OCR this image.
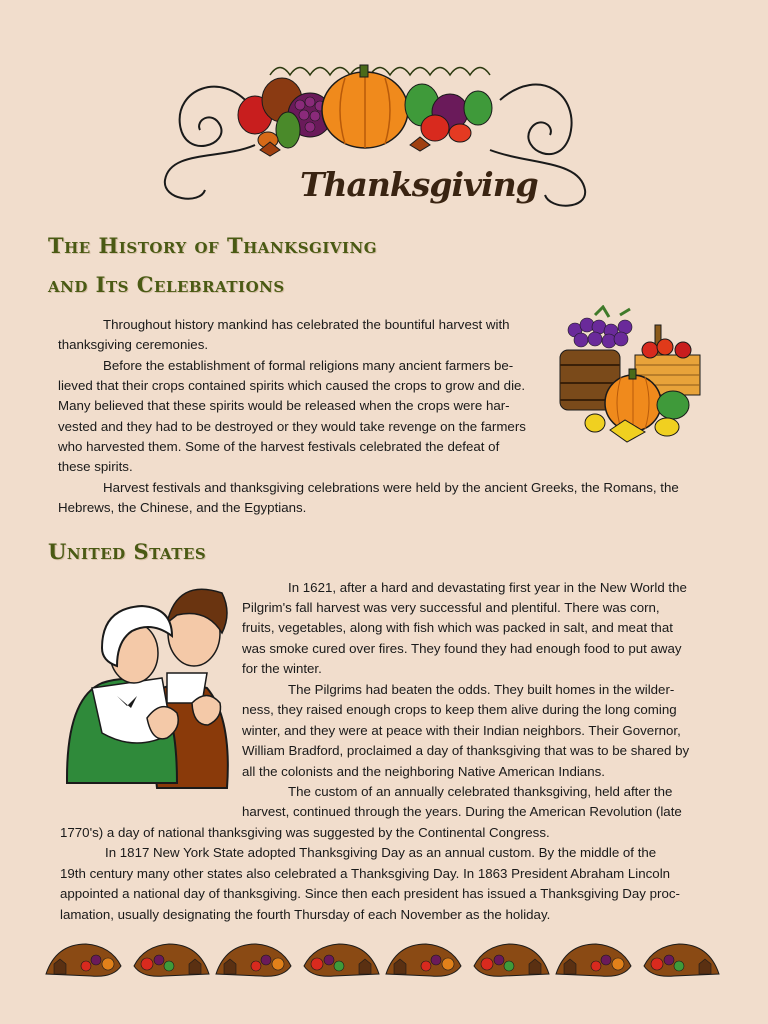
Thanksgiving
The History of Thanksgiving
and Its Celebrations
Throughout history mankind has celebrated the bountiful harvest with
thanksgiving ceremonies.
Before the establishment of formal religions many ancient farmers be-
lieved that their crops contained spirits which caused the crops to grow and die.
Many believed that these spirits would be released when the crops were har-
vested and they had to be destroyed or they would take revenge on the farmers
who harvested them. Some of the harvest festivals celebrated the defeat of
these spirits.
Harvest festivals and thanksgiving celebrations were held by the ancient Greeks, the Romans, the
Hebrews, the Chinese, and the Egyptians.
United States
In 1621, after a hard and devastating first year in the New World the
Pilgrim's fall harvest was very successful and plentiful. There was corn,
fruits, vegetables, along with fish which was packed in salt, and meat that
was smoke cured over fires. They found they had enough food to put away
for the winter.
The Pilgrims had beaten the odds. They built homes in the wilder-
ness, they raised enough crops to keep them alive during the long coming
winter, and they were at peace with their Indian neighbors. Their Governor,
William Bradford, proclaimed a day of thanksgiving that was to be shared by
all the colonists and the neighboring Native American Indians.
The custom of an annually celebrated thanksgiving, held after the
harvest, continued through the years. During the American Revolution (late
1770's) a day of national thanksgiving was suggested by the Continental Congress.
In 1817 New York State adopted Thanksgiving Day as an annual custom. By the middle of the
19th century many other states also celebrated a Thanksgiving Day. In 1863 President Abraham Lincoln
appointed a national day of thanksgiving. Since then each president has issued a Thanksgiving Day proc-
lamation, usually designating the fourth Thursday of each November as the holiday.
